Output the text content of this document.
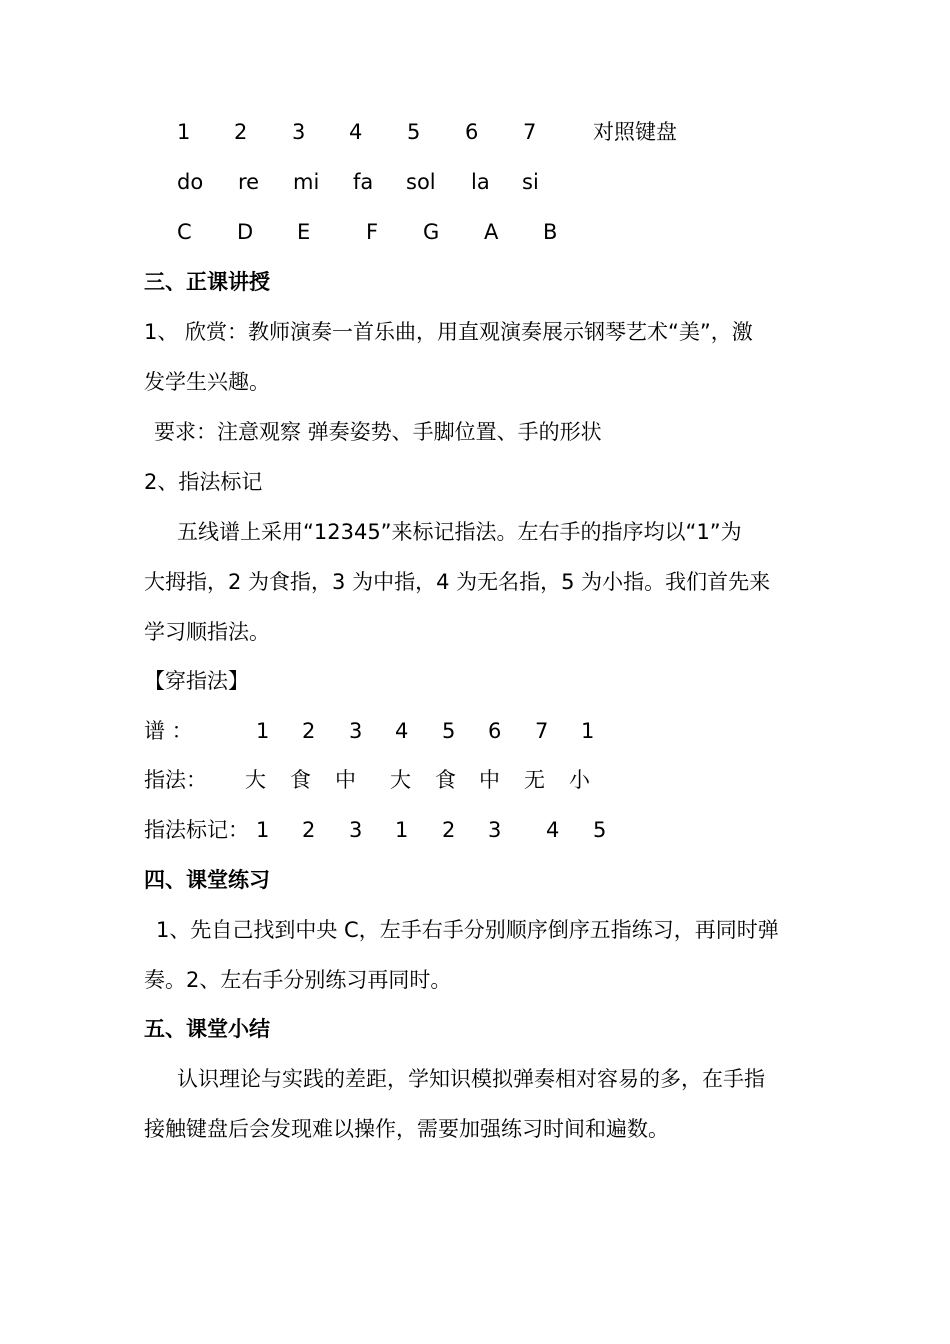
1 2 3 4 5 6 7	对照键盘
do re mi fa sol la si
C D E	F G A B
三、正课讲授
1、 欣赏：教师演奏一首乐曲，用直观演奏展示钢琴艺术“美”，激
发学生兴趣。
要求：注意观察 弹奏姿势、手脚位置、手的形状
2、指法标记
五线谱上采用“12345”来标记指法。左右手的指序均以“1”为
大拇指，2 为食指，3 为中指，4 为无名指，5 为小指。我们首先来
学习顺指法。
【穿指法】
谱 ：	1 2 3 4 5 6 7 1
指法： 大 食 中 大 食 中 无 小
指法标记： 1 2 3 1 2 3 4 5
四、课堂练习
1、先自己找到中央 C，左手右手分别顺序倒序五指练习，再同时弹
奏。2、左右手分别练习再同时。
五、课堂小结
认识理论与实践的差距，学知识模拟弹奏相对容易的多，在手指
接触键盘后会发现难以操作，需要加强练习时间和遍数。
